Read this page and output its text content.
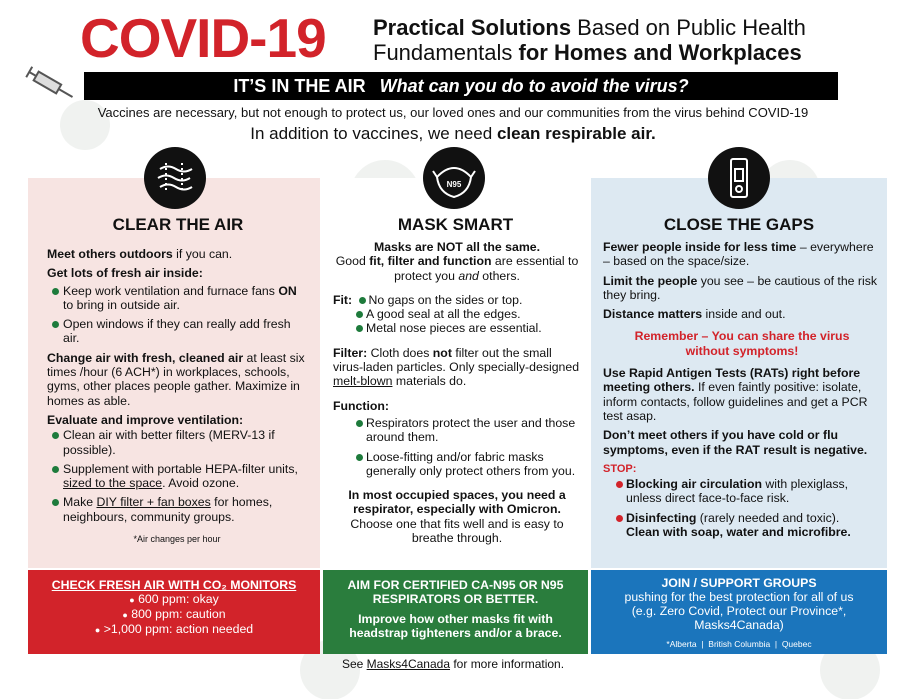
COVID-19 Practical Solutions Based on Public Health
Fundamentals for Homes and Workplaces
IT’S IN THE AIR What can you do to avoid the virus?
Vaccines are necessary, but not enough to protect us, our loved ones and our communities from the virus behind COVID-19
In addition to vaccines, we need clean respirable air.
N95
CLEAR THE AIR	MASK SMART	CLOSE THE GAPS

Meet others outdoors if you can.

Get lots of fresh air inside:

Keep work ventilation and furnace fans ON to bring in outside air.

Open windows if they can really add fresh air.

Change air with fresh, cleaned air at least six times /hour (6 ACH*) in workplaces, schools, gyms, other places people gather. Maximize in homes as able.

Evaluate and improve ventilation:

Clean air with better filters (MERV-13 if possible).

Supplement with portable HEPA-filter units, sized to the space. Avoid ozone.

Make DIY filter + fan boxes for homes, neighbours, community groups.

*Air changes per hour

Masks are NOT all the same.
Good fit, filter and function are essential to protect you and others.

Fit: No gaps on the sides or top.
A good seal at all the edges.
Metal nose pieces are essential.

Filter: Cloth does not filter out the small virus-laden particles. Only specially-designed melt-blown materials do.

Function:

Respirators protect the user and those around them.

Loose-fitting and/or fabric masks generally only protect others from you.

In most occupied spaces, you need a respirator, especially with Omicron.
Choose one that fits well and is easy to breathe through.

Fewer people inside for less time – everywhere – based on the space/size.

Limit the people you see – be cautious of the risk they bring.

Distance matters inside and out.

Remember – You can share the virus without symptoms!

Use Rapid Antigen Tests (RATs) right before meeting others. If even faintly positive: isolate, inform contacts, follow guidelines and get a PCR test asap.

Don’t meet others if you have cold or flu symptoms, even if the RAT result is negative.

STOP:

Blocking air circulation with plexiglass, unless direct face-to-face risk.

Disinfecting (rarely needed and toxic).
Clean with soap, water and microfibre.

CHECK FRESH AIR WITH CO₂ MONITORS
● 600 ppm: okay
● 800 ppm: caution
● >1,000 ppm: action needed
AIM FOR CERTIFIED CA-N95 OR N95 RESPIRATORS OR BETTER.
Improve how other masks fit with headstrap tighteners and/or a brace.
JOIN / SUPPORT GROUPS
pushing for the best protection for all of us (e.g. Zero Covid, Protect our Province*, Masks4Canada)
*Alberta  |  British Columbia  |  Quebec
See Masks4Canada for more information.
